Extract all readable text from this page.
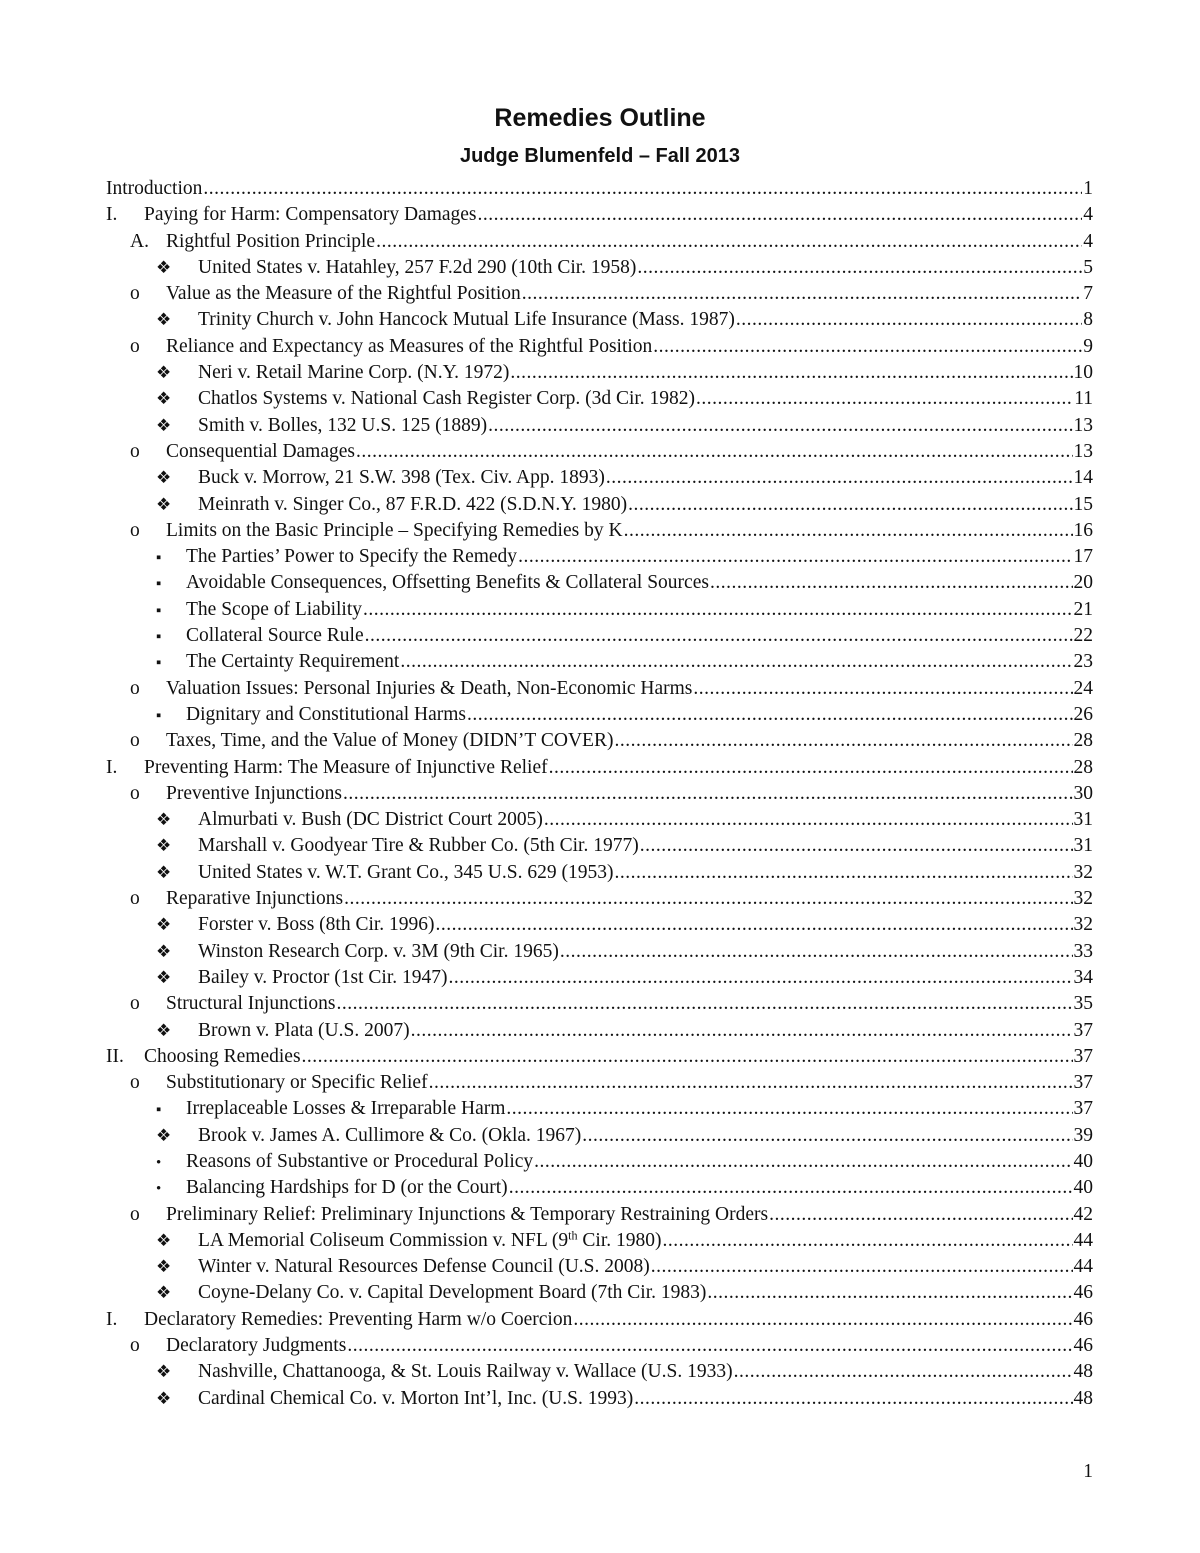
Remedies Outline
Judge Blumenfeld – Fall 2013
Introduction .....	1
I.	Paying for Harm: Compensatory Damages .....	4
A. Rightful Position Principle .....	4
❖	United States v. Hatahley, 257 F.2d 290 (10th Cir. 1958) .....	5
o	Value as the Measure of the Rightful Position .....	7
❖	Trinity Church v. John Hancock Mutual Life Insurance (Mass. 1987) .....	8
o	Reliance and Expectancy as Measures of the Rightful Position .....	9
❖	Neri v. Retail Marine Corp. (N.Y. 1972) .....	10
❖	Chatlos Systems v. National Cash Register Corp. (3d Cir. 1982) .....	11
❖	Smith v. Bolles, 132 U.S. 125 (1889) .....	13
o	Consequential Damages .....	13
❖	Buck v. Morrow, 21 S.W. 398 (Tex. Civ. App. 1893) .....	14
❖	Meinrath v. Singer Co., 87 F.R.D. 422 (S.D.N.Y. 1980) .....	15
o	Limits on the Basic Principle – Specifying Remedies by K .....	16
▪	The Parties’ Power to Specify the Remedy .....	17
▪	Avoidable Consequences, Offsetting Benefits & Collateral Sources .....	20
▪	The Scope of Liability .....	21
▪	Collateral Source Rule .....	22
▪	The Certainty Requirement .....	23
o	Valuation Issues: Personal Injuries & Death, Non-Economic Harms .....	24
▪	Dignitary and Constitutional Harms .....	26
o	Taxes, Time, and the Value of Money (DIDN’T COVER) .....	28
I.	Preventing Harm: The Measure of Injunctive Relief .....	28
o	Preventive Injunctions .....	30
❖	Almurbati v. Bush (DC District Court 2005) .....	31
❖	Marshall v. Goodyear Tire & Rubber Co. (5th Cir. 1977) .....	31
❖	United States v. W.T. Grant Co., 345 U.S. 629 (1953) .....	32
o	Reparative Injunctions .....	32
❖	Forster v. Boss (8th Cir. 1996) .....	32
❖	Winston Research Corp. v. 3M (9th Cir. 1965) .....	33
❖	Bailey v. Proctor (1st Cir. 1947) .....	34
o	Structural Injunctions .....	35
❖	Brown v. Plata (U.S. 2007) .....	37
II.	Choosing Remedies .....	37
o	Substitutionary or Specific Relief .....	37
▪	Irreplaceable Losses & Irreparable Harm .....	37
❖	Brook v. James A. Cullimore & Co. (Okla. 1967) .....	39
•	Reasons of Substantive or Procedural Policy .....	40
•	Balancing Hardships for D (or the Court) .....	40
o	Preliminary Relief: Preliminary Injunctions & Temporary Restraining Orders .....	42
❖	LA Memorial Coliseum Commission v. NFL (9th Cir. 1980) .....	44
❖	Winter v. Natural Resources Defense Council (U.S. 2008) .....	44
❖	Coyne-Delany Co. v. Capital Development Board (7th Cir. 1983) .....	46
I.	Declaratory Remedies: Preventing Harm w/o Coercion .....	46
o	Declaratory Judgments .....	46
❖	Nashville, Chattanooga, & St. Louis Railway v. Wallace (U.S. 1933) .....	48
❖	Cardinal Chemical Co. v. Morton Int’l, Inc. (U.S. 1993) .....	48
1
